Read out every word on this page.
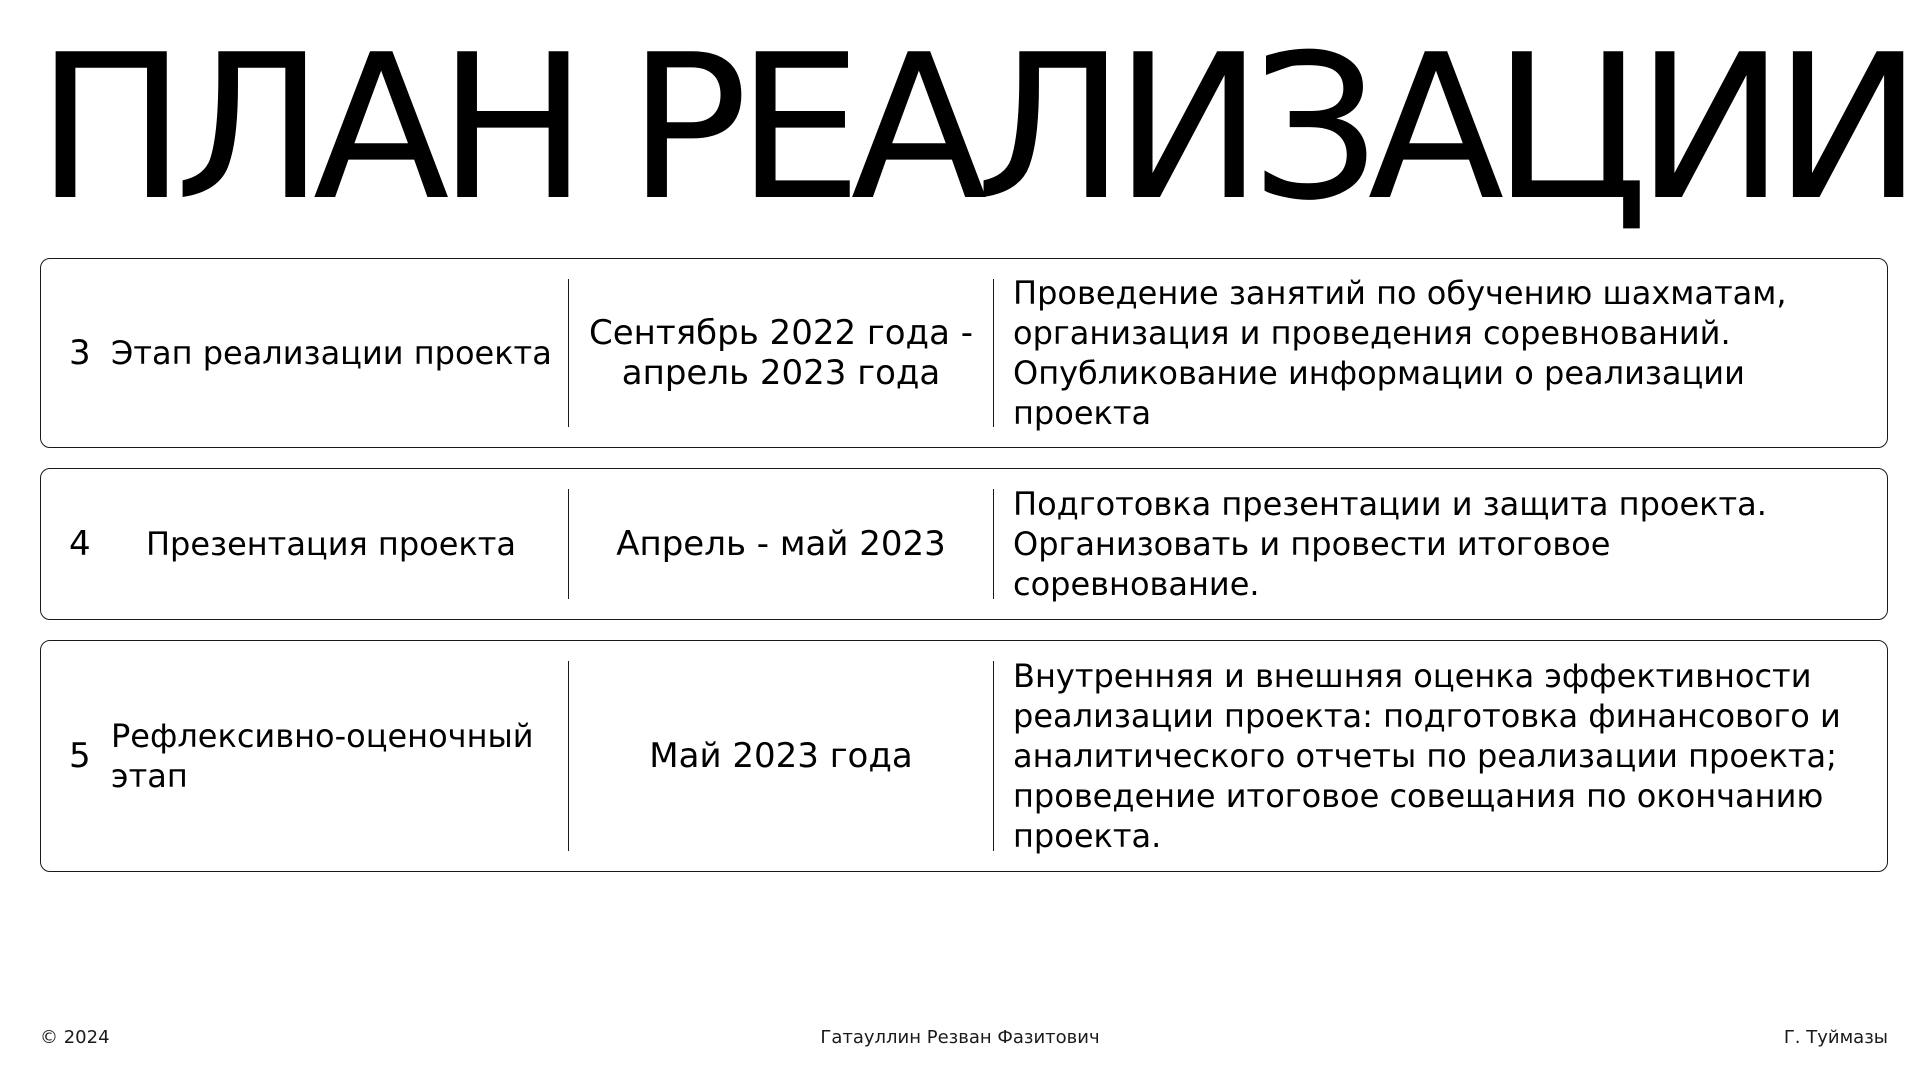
ПЛАН РЕАЛИЗАЦИИ
3 Этап реализации проекта	Сентябрь 2022 года - апрель 2023 года
Проведение занятий по обучению шахматам,
организация и проведения соревнований.
Опубликование информации о реализации
проекта
4	Презентация проекта	Апрель - май 2023
Подготовка презентации и защита проекта.
Организовать и провести итоговое
соревнование.
5 Рефлексивно-оценочный этап	Май 2023 года
Внутренняя и внешняя оценка эффективности
реализации проекта: подготовка финансового и
аналитического отчеты по реализации проекта;
проведение итоговое совещания по окончанию
проекта.
© 2024	Гатауллин Резван Фазитович	Г. Туймазы
